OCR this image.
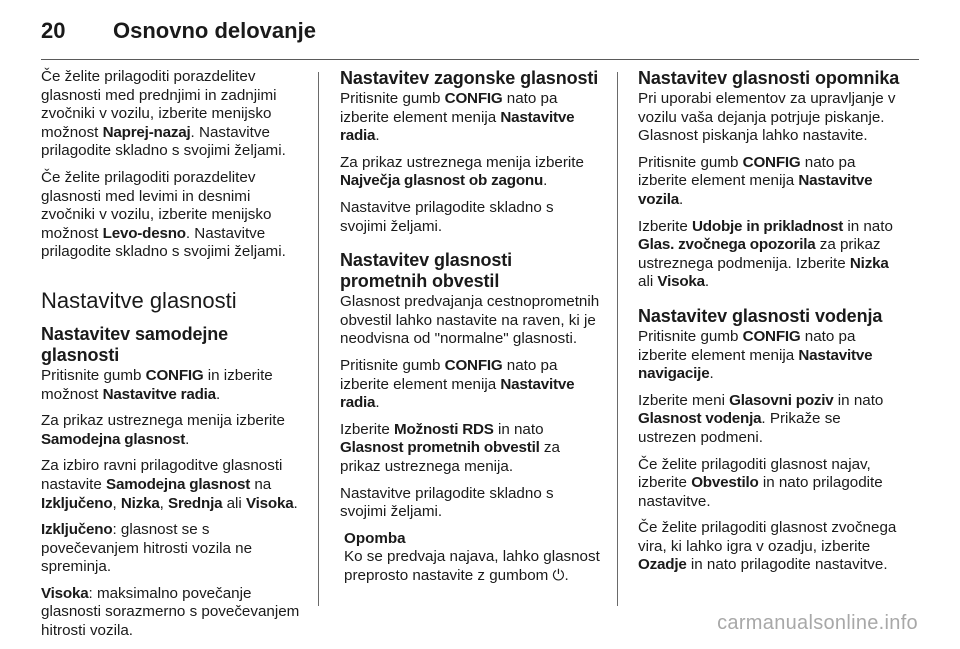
20	Osnovno delovanje

Če želite prilagoditi porazdelitev glasnosti med prednjimi in zadnjimi zvočniki v vozilu, izberite menijsko možnost Naprej-nazaj. Nastavitve prilagodite skladno s svojimi željami.

Če želite prilagoditi porazdelitev glasnosti med levimi in desnimi zvočniki v vozilu, izberite menijsko možnost Levo-desno. Nastavitve prilagodite skladno s svojimi željami.

Nastavitve glasnosti
Nastavitev samodejne glasnosti

Pritisnite gumb CONFIG in izberite možnost Nastavitve radia.

Za prikaz ustreznega menija izberite Samodejna glasnost.

Za izbiro ravni prilagoditve glasnosti nastavite Samodejna glasnost na Izključeno, Nizka, Srednja ali Visoka.

Izključeno: glasnost se s povečevanjem hitrosti vozila ne spreminja.

Visoka: maksimalno povečanje glasnosti sorazmerno s povečevanjem hitrosti vozila.

Nastavitev zagonske glasnosti

Pritisnite gumb CONFIG nato pa izberite element menija Nastavitve radia.

Za prikaz ustreznega menija izberite Največja glasnost ob zagonu.

Nastavitve prilagodite skladno s svojimi željami.

Nastavitev glasnosti prometnih obvestil

Glasnost predvajanja cestnoprometnih obvestil lahko nastavite na raven, ki je neodvisna od "normalne" glasnosti.

Pritisnite gumb CONFIG nato pa izberite element menija Nastavitve radia.

Izberite Možnosti RDS in nato Glasnost prometnih obvestil za prikaz ustreznega menija.

Nastavitve prilagodite skladno s svojimi željami.

Opomba

Ko se predvaja najava, lahko glasnost preprosto nastavite z gumbom ⏻.

Nastavitev glasnosti opomnika

Pri uporabi elementov za upravljanje v vozilu vaša dejanja potrjuje piskanje. Glasnost piskanja lahko nastavite.

Pritisnite gumb CONFIG nato pa izberite element menija Nastavitve vozila.

Izberite Udobje in prikladnost in nato Glas. zvočnega opozorila za prikaz ustreznega podmenija. Izberite Nizka ali Visoka.

Nastavitev glasnosti vodenja

Pritisnite gumb CONFIG nato pa izberite element menija Nastavitve navigacije.

Izberite meni Glasovni poziv in nato Glasnost vodenja. Prikaže se ustrezen podmeni.

Če želite prilagoditi glasnost najav, izberite Obvestilo in nato prilagodite nastavitve.

Če želite prilagoditi glasnost zvočnega vira, ki lahko igra v ozadju, izberite Ozadje in nato prilagodite nastavitve.

carmanualsonline.info
